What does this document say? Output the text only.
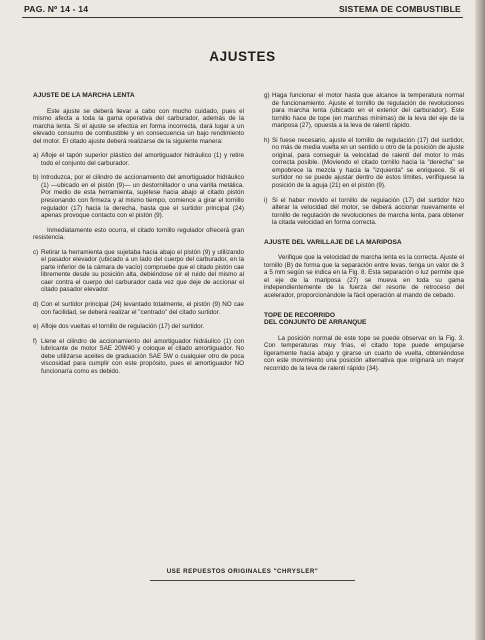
PAG. Nº 14 - 14	SISTEMA DE COMBUSTIBLE
AJUSTES
AJUSTE DE LA MARCHA LENTA

Este ajuste se deberá llevar a cabo con mucho cuidado, pues el mismo afecta a toda la gama operativa del carburador, además de la marcha lenta. Si el ajuste se efectúa en forma incorrecta, dará lugar a un elevado consumo de combustible y en consecuencia un bajo rendimiento del motor. El citado ajuste deberá realizarse de la siguiente manera:

a) Afloje el tapón superior plástico del amortiguador hidráulico (1) y retire todo el conjunto del carburador.
b) Introduzca, por el cilindro de accionamiento del amortiguador hidráulico (1) —ubicado en el pistón (9)— un destornillador o una varilla metálica. Por medio de esta herramienta, sujétese hacia abajo al citado pistón presionando con firmeza y al mismo tiempo, comience a girar el tornillo regulador (17) hacia la derecha, hasta que el surtidor principal (24) apenas provoque contacto con el pistón (9).

Inmediatamente esto ocurra, el citado tornillo regulador ofrecerá gran resistencia.

c) Retirar la herramienta que sujetaba hacia abajo el pistón (9) y utilizando el pasador elevador (ubicado a un lado del cuerpo del carburador, en la parte inferior de la cámara de vacío) compruebe que el citado pistón cae libremente desde su posición alta, debiéndose oír el ruido del mismo al caer contra el cuerpo del carburador cada vez que deje de accionar el citado pasador elevador.
d) Con el surtidor principal (24) levantado totalmente, el pistón (9) NO cae con facilidad, se deberá realizar el "centrado" del citado surtidor.
e) Afloje dos vueltas el tornillo de regulación (17) del surtidor.
f) Llene el cilindro de accionamiento del amortiguador hidráulico (1) con lubricante de motor SAE 20W40 y coloque el citado amortiguador. No debe utilizarse aceites de graduación SAE 5W o cualquier otro de poca viscosidad para cumplir con este propósito, pues el amortiguador NO funcionaría como es debido.
g) Haga funcionar el motor hasta que alcance la temperatura normal de funcionamiento. Ajuste el tornillo de regulación de revoluciones para marcha lenta (ubicado en el exterior del carburador). Este tornillo hace de tope (en marchas mínimas) de la leva del eje de la mariposa (27), opuesta a la leva de ralentí rápido.
h) Si fuese necesario, ajuste el tornillo de regulación (17) del surtidor, no más de media vuelta en un sentido u otro de la posición de ajuste original, para conseguir la velocidad de ralentí del motor lo más correcta posible. (Moviendo el citado tornillo hacia la "derecha" se empobrece la mezcla y hacia la "izquierda" se enriquece. Si el surtidor no se puede ajustar dentro de estos límites, verifíquese la posición de la aguja (21) en el pistón (9).
i) Si el haber movido el tornillo de regulación (17) del surtidor hizo alterar la velocidad del motor, se deberá accionar nuevamente el tornillo de regulación de revoluciones de marcha lenta, para obtener la citada velocidad en forma correcta.
AJUSTE DEL VARILLAJE DE LA MARIPOSA

Verifique que la velocidad de marcha lenta es la correcta. Ajuste el tornillo (B) de forma que la separación entre levas, tenga un valor de 3 a 5 mm según se indica en la Fig. 8. Esta separación o luz permite que el eje de la mariposa (27) se mueva en toda su gama independientemente de la fuerza del resorte de retroceso del acelerador, proporcionándole la fácil operación al mando de cebado.

TOPE DE RECORRIDO
DEL CONJUNTO DE ARRANQUE

La posición normal de este tope se puede observar en la Fig. 3. Con temperaturas muy frías, el citado tope puede empujarse ligeramente hacia abajo y girarse un cuarto de vuelta, obteniéndose con este movimiento una posición alternativa que originará un mayor recorrido de la leva de ralentí rápido (34).

USE REPUESTOS ORIGINALES "CHRYSLER"
